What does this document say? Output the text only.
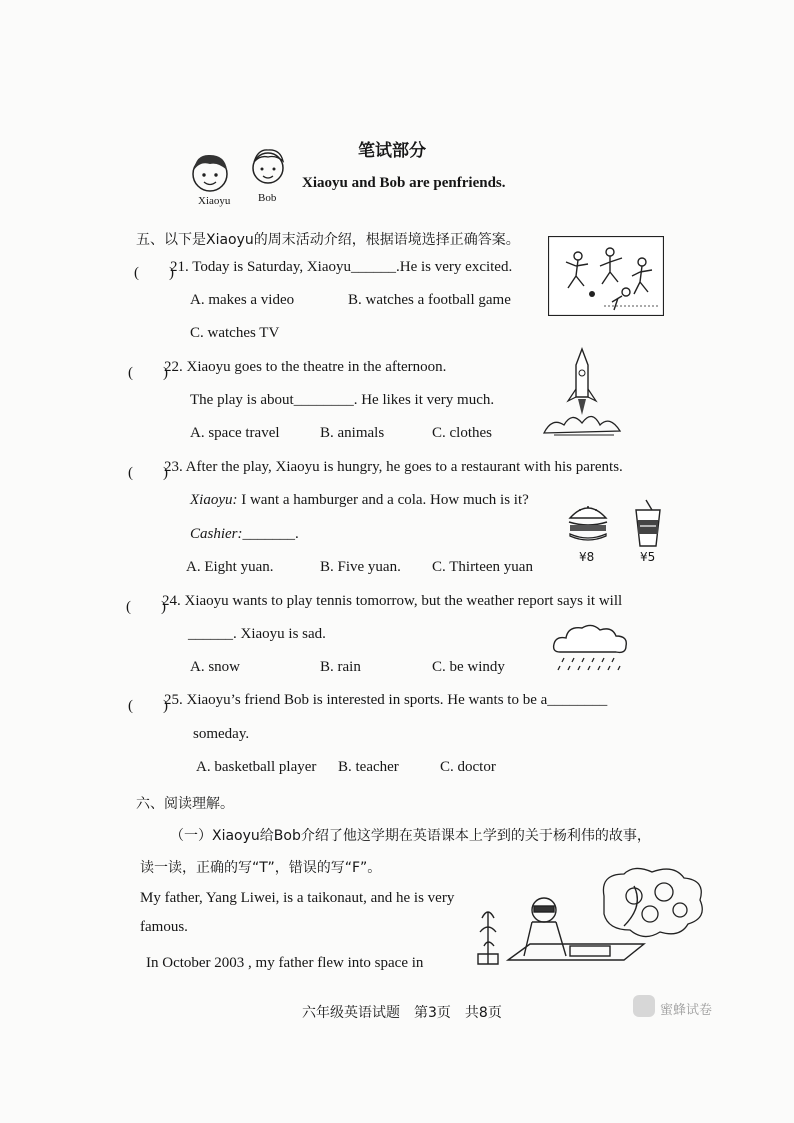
笔试部分
Xiaoyu	Bob
Xiaoyu and Bob are penfriends.
五、以下是Xiaoyu的周末活动介绍，根据语境选择正确答案。
(　　)
21. Today is Saturday, Xiaoyu______.He is very excited.
A. makes a video	B. watches a football game
C. watches TV
(　　)
22. Xiaoyu goes to the theatre in the afternoon.
The play is about________. He likes it very much.
A. space travel	B. animals	C. clothes
(　　)
23. After the play, Xiaoyu is hungry, he goes to a restaurant with his parents.
Xiaoyu: I want a hamburger and a cola. How much is it?
Cashier:_______.
A. Eight yuan.	B. Five yuan. C. Thirteen yuan
¥8	¥5
(　　)
24. Xiaoyu wants to play tennis tomorrow, but the weather report says it will
______. Xiaoyu is sad.
A. snow	B. rain	C. be windy
(　　)
25. Xiaoyu’s friend Bob is interested in sports. He wants to be a________
someday.
A. basketball player B. teacher	C. doctor
六、阅读理解。
（一）Xiaoyu给Bob介绍了他这学期在英语课本上学到的关于杨利伟的故事，
读一读，正确的写“T”，错误的写“F”。
My father, Yang Liwei, is a taikonaut, and he is very
famous.
In October 2003 , my father flew into space in
六年级英语试题　第3页　共8页	蜜蜂试卷
